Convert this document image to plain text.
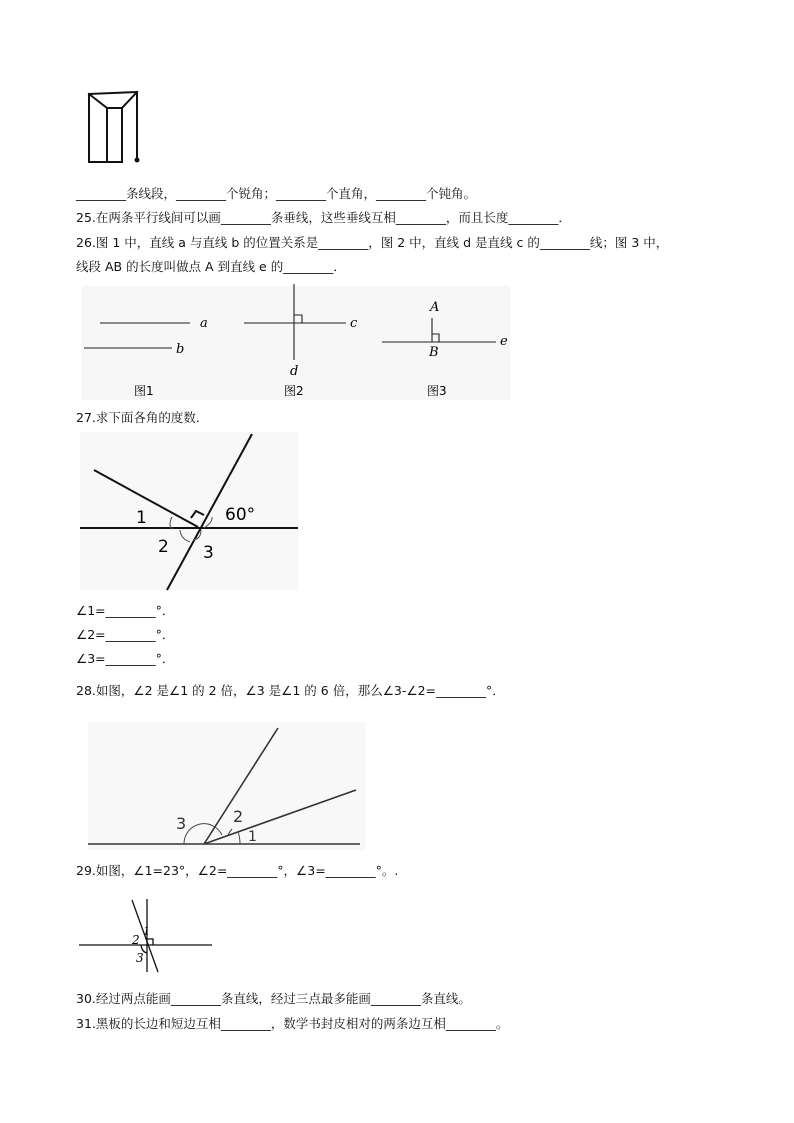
________条线段，________个锐角；________个直角，________个钝角。
25.在两条平行线间可以画________条垂线，这些垂线互相________，而且长度________．
26.图 1 中，直线 a 与直线 b 的位置关系是________，图 2 中，直线 d 是直线 c 的________线；图 3 中，
线段 AB 的长度叫做点 A 到直线 e 的________．
a
b
c
d
A
B
e
图1	图2	图3
27.求下面各角的度数．
1	60°
2 3
∠1=________°．
∠2=________°．
∠3=________°．
28.如图，∠2 是∠1 的 2 倍，∠3 是∠1 的 6 倍，那么∠3-∠2=________°．
3	2
1
29.如图，∠1=23°，∠2=________°，∠3=________°。.
1
2
3
30.经过两点能画________条直线，经过三点最多能画________条直线。
31.黑板的长边和短边互相________，数学书封皮相对的两条边互相________。
